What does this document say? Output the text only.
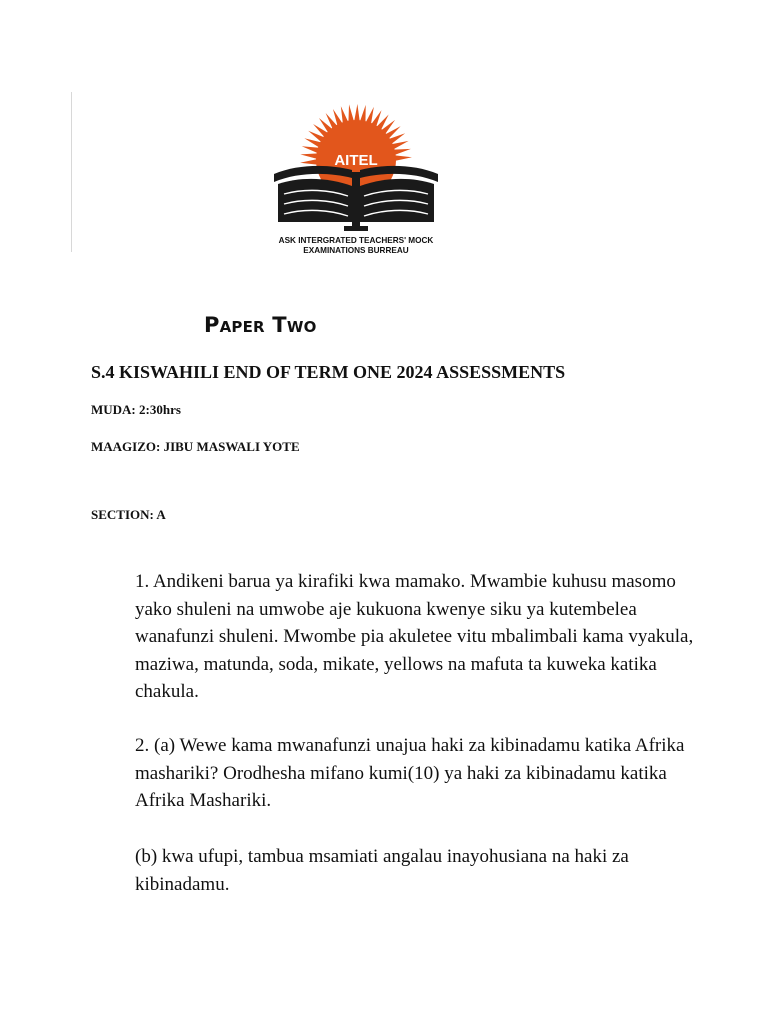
AITEL
ASK INTERGRATED TEACHERS' MOCK
EXAMINATIONS BURREAU
Paper Two
S.4 KISWAHILI END OF TERM ONE 2024 ASSESSMENTS
MUDA: 2:30hrs
MAAGIZO: JIBU MASWALI YOTE
SECTION: A
1. Andikeni barua ya kirafiki kwa mamako. Mwambie kuhusu masomo yako shuleni na umwobe aje kukuona kwenye siku ya kutembelea wanafunzi shuleni. Mwombe pia akuletee vitu mbalimbali kama vyakula, maziwa, matunda, soda, mikate, yellows na mafuta ta kuweka katika chakula.
2. (a) Wewe kama mwanafunzi unajua haki za kibinadamu katika Afrika mashariki? Orodhesha mifano kumi(10) ya haki za kibinadamu katika Afrika Mashariki.
(b) kwa ufupi, tambua msamiati angalau inayohusiana na haki za kibinadamu.
